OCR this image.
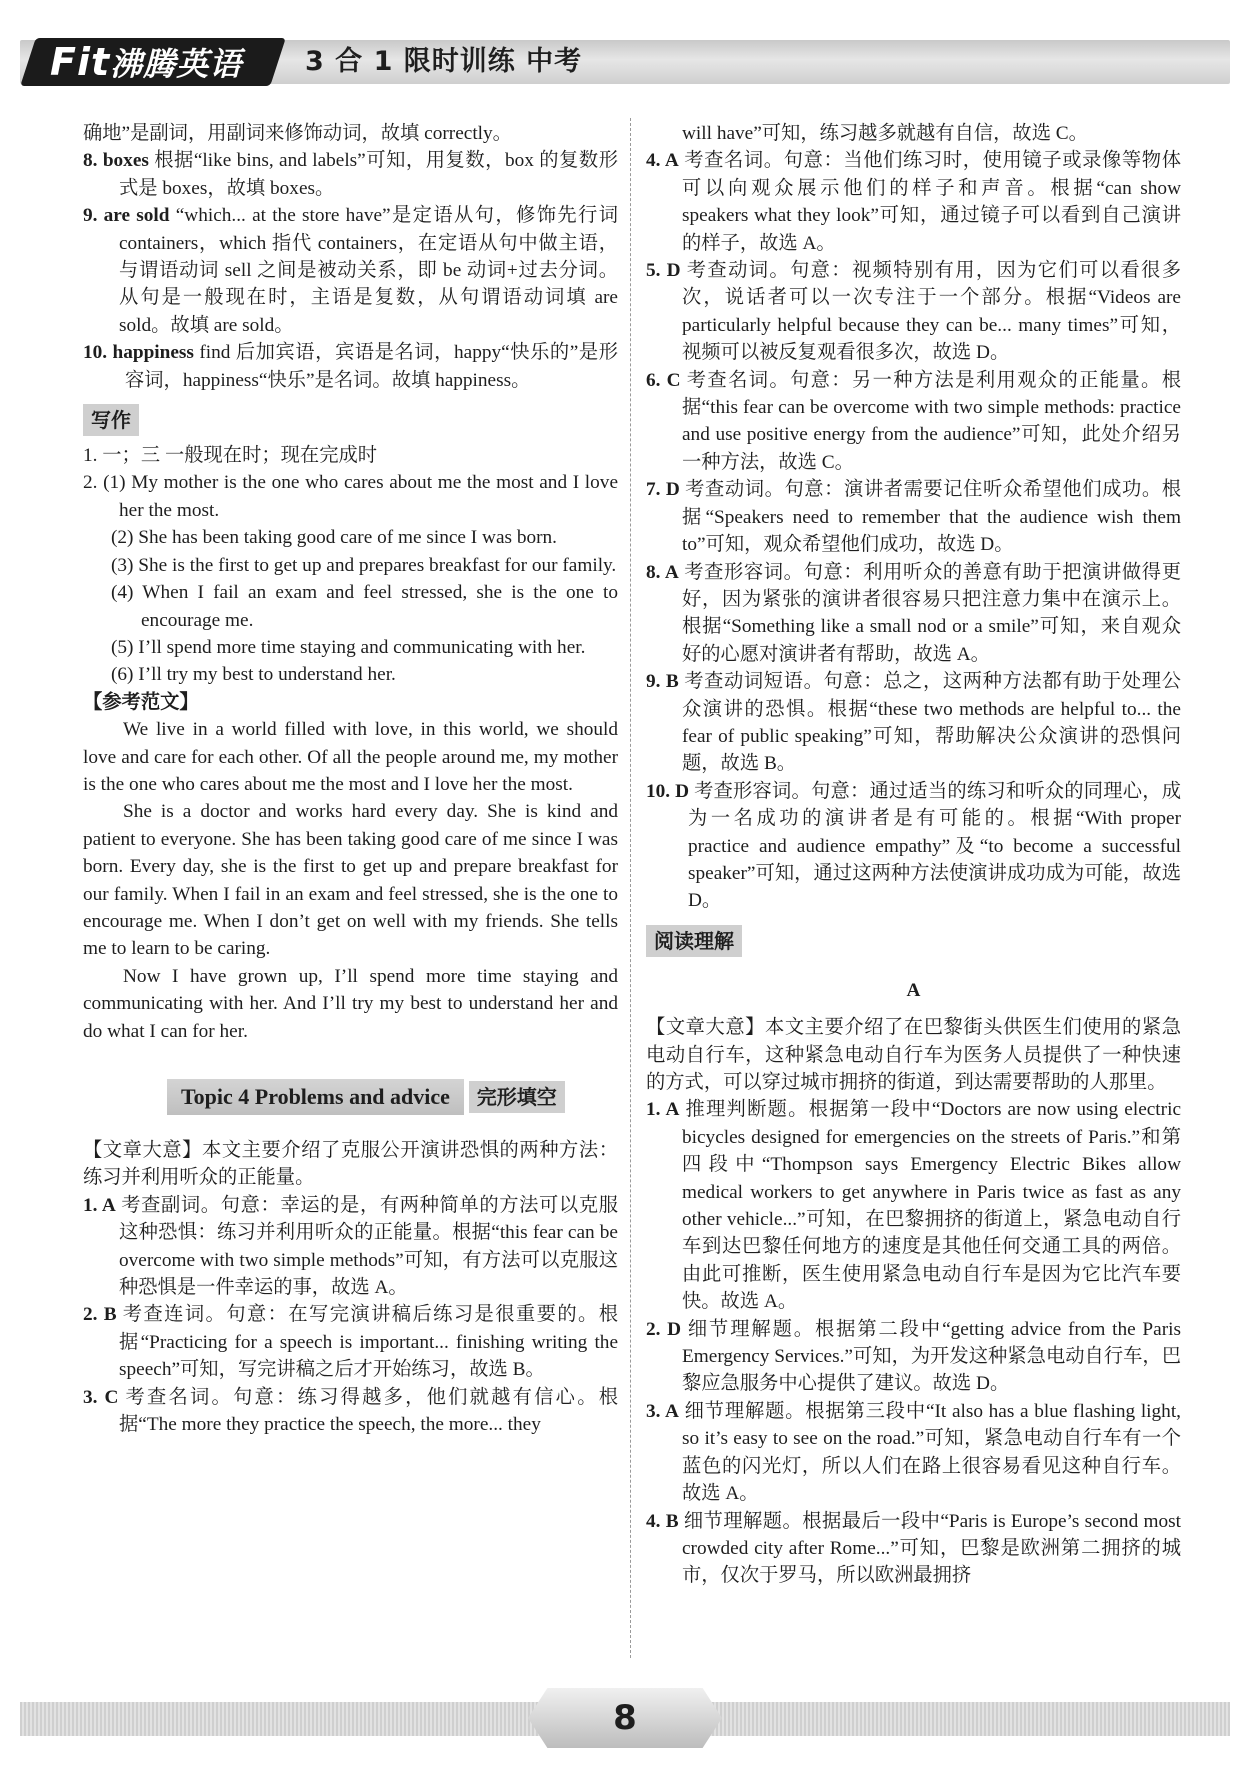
Fit沸腾英语 3 合 1 限时训练 中考

确地”是副词，用副词来修饰动词，故填 correctly。

8. boxes 根据“like bins, and labels”可知，用复数，box 的复数形式是 boxes，故填 boxes。

9. are sold “which... at the store have”是定语从句，修饰先行词 containers，which 指代 containers，在定语从句中做主语，与谓语动词 sell 之间是被动关系，即 be 动词+过去分词。从句是一般现在时，主语是复数，从句谓语动词填 are sold。故填 are sold。

10. happiness find 后加宾语，宾语是名词，happy“快乐的”是形容词，happiness“快乐”是名词。故填 happiness。

写作

1. 一；三 一般现在时；现在完成时

2. (1) My mother is the one who cares about me the most and I love her the most.

(2) She has been taking good care of me since I was born.

(3) She is the first to get up and prepares breakfast for our family.

(4) When I fail an exam and feel stressed, she is the one to encourage me.

(5) I’ll spend more time staying and communicating with her.

(6) I’ll try my best to understand her.

【参考范文】

We live in a world filled with love, in this world, we should love and care for each other. Of all the people around me, my mother is the one who cares about me the most and I love her the most.

She is a doctor and works hard every day. She is kind and patient to everyone. She has been taking good care of me since I was born. Every day, she is the first to get up and prepare breakfast for our family. When I fail in an exam and feel stressed, she is the one to encourage me. When I don’t get on well with my friends. She tells me to learn to be caring.

Now I have grown up, I’ll spend more time staying and communicating with her. And I’ll try my best to understand her and do what I can for her.

Topic 4 Problems and advice 完形填空

【文章大意】本文主要介绍了克服公开演讲恐惧的两种方法：练习并利用听众的正能量。

1. A 考查副词。句意：幸运的是，有两种简单的方法可以克服这种恐惧：练习并利用听众的正能量。根据“this fear can be overcome with two simple methods”可知，有方法可以克服这种恐惧是一件幸运的事，故选 A。

2. B 考查连词。句意：在写完演讲稿后练习是很重要的。根据“Practicing for a speech is important... finishing writing the speech”可知，写完讲稿之后才开始练习，故选 B。

3. C 考查名词。句意：练习得越多，他们就越有信心。根据“The more they practice the speech, the more... they

will have”可知，练习越多就越有自信，故选 C。

4. A 考查名词。句意：当他们练习时，使用镜子或录像等物体可以向观众展示他们的样子和声音。根据“can show speakers what they look”可知，通过镜子可以看到自己演讲的样子，故选 A。

5. D 考查动词。句意：视频特别有用，因为它们可以看很多次，说话者可以一次专注于一个部分。根据“Videos are particularly helpful because they can be... many times”可知，视频可以被反复观看很多次，故选 D。

6. C 考查名词。句意：另一种方法是利用观众的正能量。根据“this fear can be overcome with two simple methods: practice and use positive energy from the audience”可知，此处介绍另一种方法，故选 C。

7. D 考查动词。句意：演讲者需要记住听众希望他们成功。根据“Speakers need to remember that the audience wish them to”可知，观众希望他们成功，故选 D。

8. A 考查形容词。句意：利用听众的善意有助于把演讲做得更好，因为紧张的演讲者很容易只把注意力集中在演示上。根据“Something like a small nod or a smile”可知，来自观众好的心愿对演讲者有帮助，故选 A。

9. B 考查动词短语。句意：总之，这两种方法都有助于处理公众演讲的恐惧。根据“these two methods are helpful to... the fear of public speaking”可知，帮助解决公众演讲的恐惧问题，故选 B。

10. D 考查形容词。句意：通过适当的练习和听众的同理心，成为一名成功的演讲者是有可能的。根据“With proper practice and audience empathy”及“to become a successful speaker”可知，通过这两种方法使演讲成功成为可能，故选 D。

阅读理解
A

【文章大意】本文主要介绍了在巴黎街头供医生们使用的紧急电动自行车，这种紧急电动自行车为医务人员提供了一种快速的方式，可以穿过城市拥挤的街道，到达需要帮助的人那里。

1. A 推理判断题。根据第一段中“Doctors are now using electric bicycles designed for emergencies on the streets of Paris.”和第四段中“Thompson says Emergency Electric Bikes allow medical workers to get anywhere in Paris twice as fast as any other vehicle...”可知，在巴黎拥挤的街道上，紧急电动自行车到达巴黎任何地方的速度是其他任何交通工具的两倍。由此可推断，医生使用紧急电动自行车是因为它比汽车要快。故选 A。

2. D 细节理解题。根据第二段中“getting advice from the Paris Emergency Services.”可知，为开发这种紧急电动自行车，巴黎应急服务中心提供了建议。故选 D。

3. A 细节理解题。根据第三段中“It also has a blue flashing light, so it’s easy to see on the road.”可知，紧急电动自行车有一个蓝色的闪光灯，所以人们在路上很容易看见这种自行车。故选 A。

4. B 细节理解题。根据最后一段中“Paris is Europe’s second most crowded city after Rome...”可知，巴黎是欧洲第二拥挤的城市，仅次于罗马，所以欧洲最拥挤

8
